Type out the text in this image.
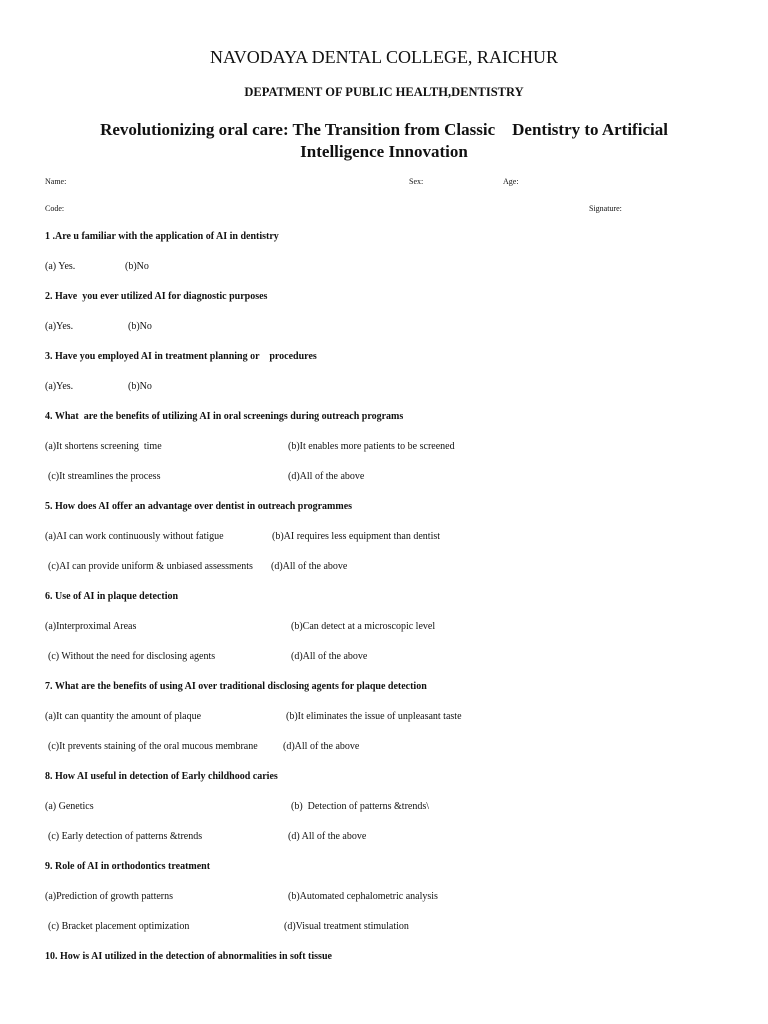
NAVODAYA DENTAL COLLEGE, RAICHUR
DEPATMENT OF PUBLIC HEALTH,DENTISTRY
Revolutionizing oral care: The Transition from Classic    Dentistry to Artificial
Intelligence Innovation
Name:	Sex:	Age:
Code:	Signature:
1 .Are u familiar with the application of AI in dentistry
(a) Yes.	(b)No
2. Have  you ever utilized AI for diagnostic purposes
(a)Yes.	(b)No
3. Have you employed AI in treatment planning or    procedures
(a)Yes.	(b)No
4. What  are the benefits of utilizing AI in oral screenings during outreach programs
(a)It shortens screening  time	(b)It enables more patients to be screened
(c)It streamlines the process	(d)All of the above
5. How does AI offer an advantage over dentist in outreach programmes
(a)AI can work continuously without fatigue	(b)AI requires less equipment than dentist
(c)AI can provide uniform & unbiased assessments (d)All of the above
6. Use of AI in plaque detection
(a)Interproximal Areas	(b)Can detect at a microscopic level
(c) Without the need for disclosing agents	(d)All of the above
7. What are the benefits of using AI over traditional disclosing agents for plaque detection
(a)It can quantity the amount of plaque	(b)It eliminates the issue of unpleasant taste
(c)It prevents staining of the oral mucous membrane	(d)All of the above
8. How AI useful in detection of Early childhood caries
(a) Genetics	(b)  Detection of patterns &trends\
(c) Early detection of patterns &trends	(d) All of the above
9. Role of AI in orthodontics treatment
(a)Prediction of growth patterns	(b)Automated cephalometric analysis
(c) Bracket placement optimization	(d)Visual treatment stimulation
10. How is AI utilized in the detection of abnormalities in soft tissue
